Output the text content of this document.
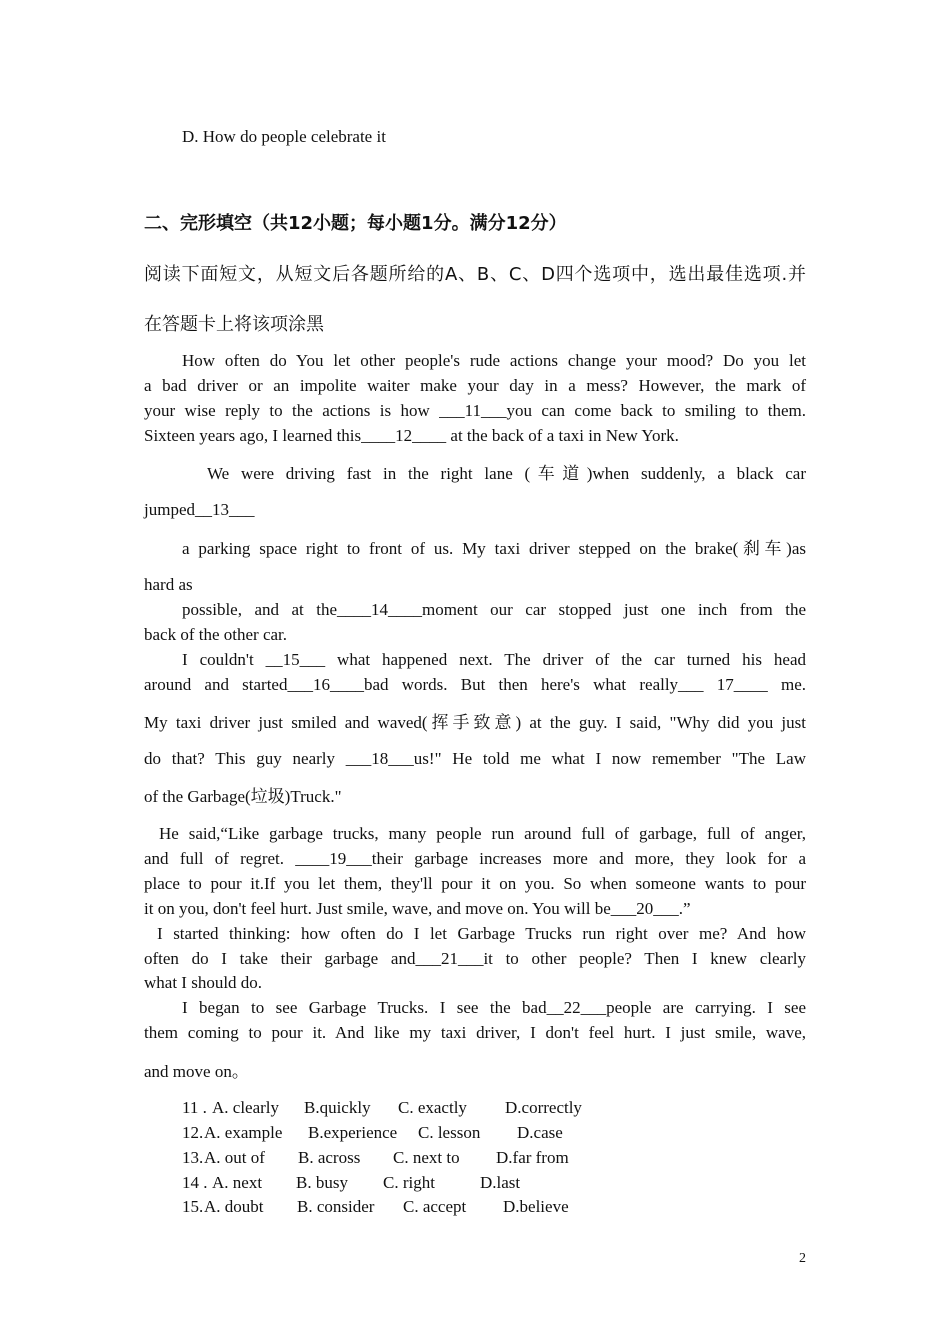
D. How do people celebrate it
二、完形填空（共12小题；每小题1分。满分12分）
阅读下面短文，从短文后各题所给的A、B、C、D四个选项中，选出最佳选项.并
在答题卡上将该项涂黑
How often do You let other people's rude actions change your mood? Do you let
a bad driver or an impolite waiter make your day in a mess? However, the mark of
your wise reply to the actions is how ___11___you can come back to smiling to them.
Sixteen years ago, I learned this____12____ at the back of a taxi in New York.
We were driving fast in the right lane (车道)when suddenly, a black car
jumped__13___
a parking space right to front of us. My taxi driver stepped on the brake(刹车)as
hard as
possible, and at the____14____moment our car stopped just one inch from the
back of the other car.
I couldn't __15___ what happened next. The driver of the car turned his head
around and started___16____bad words. But then here's what really___ 17____ me.
My taxi driver just smiled and waved(挥手致意) at the guy. I said, "Why did you just
do that? This guy nearly ___18___us!" He told me what I now remember "The Law
of the Garbage(垃圾)Truck."
He said,“Like garbage trucks, many people run around full of garbage, full of anger,
and full of regret. ____19___their garbage increases more and more, they look for a
place to pour it.If you let them, they'll pour it on you. So when someone wants to pour
it on you, don't feel hurt. Just smile, wave, and move on. You will be___20___.”
I started thinking: how often do I let Garbage Trucks run right over me? And how
often do I take their garbage and___21___it to other people? Then I knew clearly
what I should do.
I began to see Garbage Trucks. I see the bad__22___people are carrying. I see
them coming to pour it. And like my taxi driver, I don't feel hurt. I just smile, wave,
and move on。
11 . A. clearly B.quickly C. exactly D.correctly
12. A. example B.experience C. lesson D.case
13. A. out of B. across C. next to D.far from
14 . A. next B. busy C. right	D.last
15. A. doubt B. consider C. accept D.believe
2
